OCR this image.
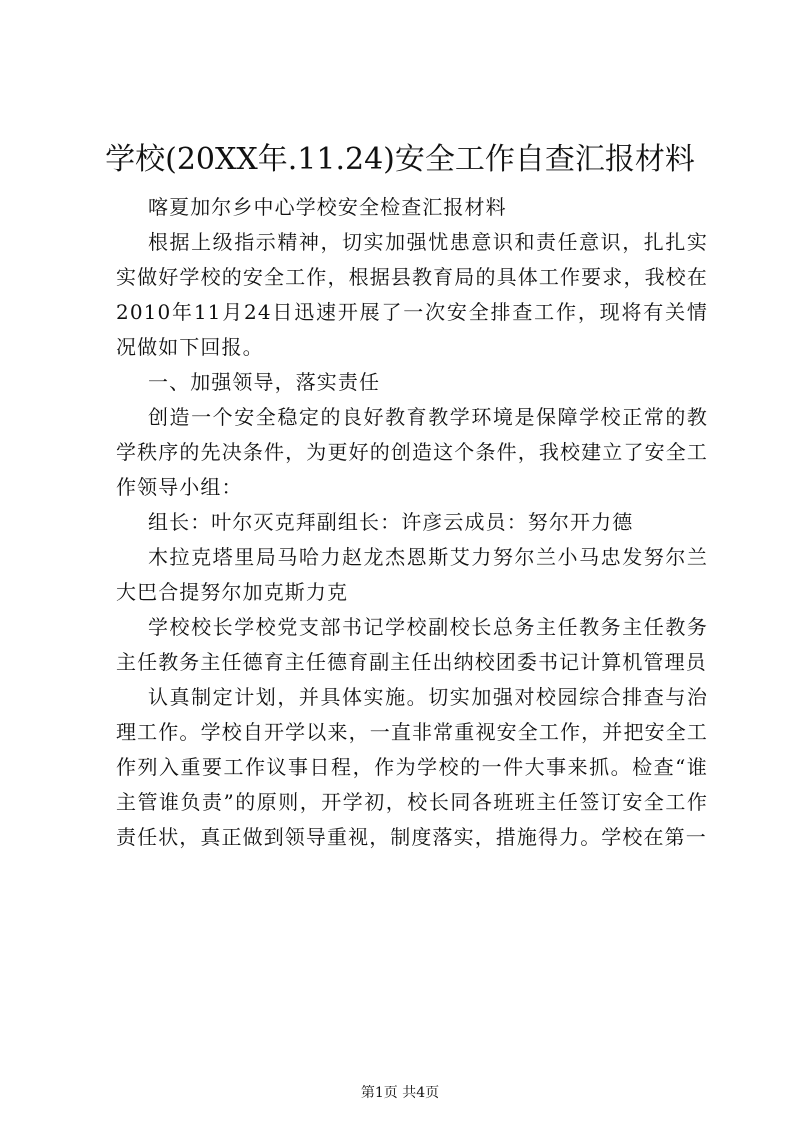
学校(20XX年.11.24)安全工作自查汇报材料

喀夏加尔乡中心学校安全检查汇报材料

根据上级指示精神，切实加强忧患意识和责任意识，扎扎实实做好学校的安全工作，根据县教育局的具体工作要求，我校在2010年11月24日迅速开展了一次安全排查工作，现将有关情况做如下回报。

一、加强领导，落实责任

创造一个安全稳定的良好教育教学环境是保障学校正常的教学秩序的先决条件，为更好的创造这个条件，我校建立了安全工作领导小组：

组长：叶尔灭克拜副组长：许彦云成员：努尔开力德

木拉克塔里局马哈力赵龙杰恩斯艾力努尔兰小马忠发努尔兰大巴合提努尔加克斯力克

学校校长学校党支部书记学校副校长总务主任教务主任教务主任教务主任德育主任德育副主任出纳校团委书记计算机管理员

认真制定计划，并具体实施。切实加强对校园综合排查与治理工作。学校自开学以来，一直非常重视安全工作，并把安全工作列入重要工作议事日程，作为学校的一件大事来抓。检查“谁主管谁负责”的原则，开学初，校长同各班班主任签订安全工作责任状，真正做到领导重视，制度落实，措施得力。学校在第一

第1页 共4页
